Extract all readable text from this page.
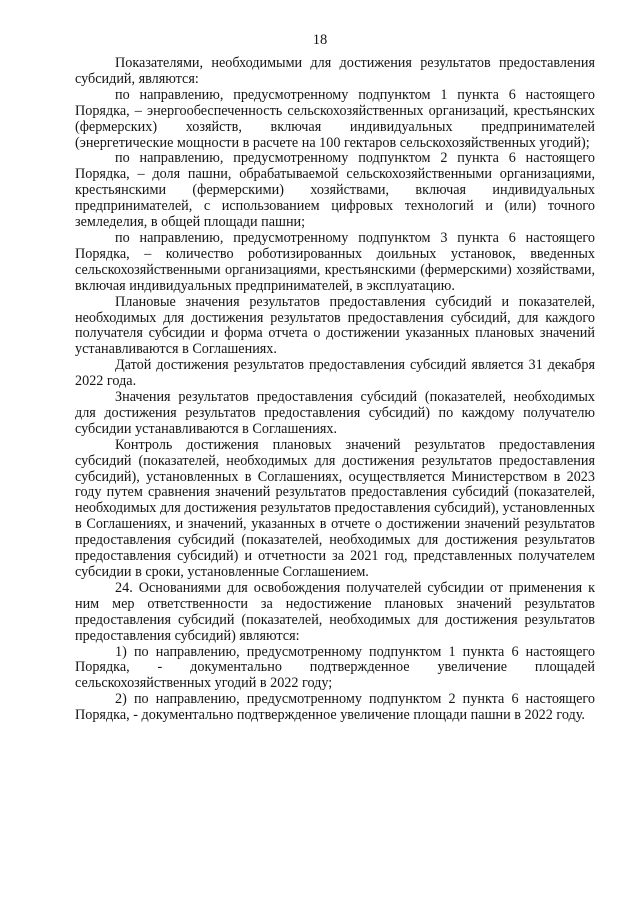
18

Показателями, необходимыми для достижения результатов предоставления субсидий, являются:

по направлению, предусмотренному подпунктом 1 пункта 6 настоящего Порядка, – энергообеспеченность сельскохозяйственных организаций, крестьянских (фермерских) хозяйств, включая индивидуальных предпринимателей (энергетические мощности в расчете на 100 гектаров сельскохозяйственных угодий);

по направлению, предусмотренному подпунктом 2 пункта 6 настоящего Порядка, – доля пашни, обрабатываемой сельскохозяйственными организациями, крестьянскими (фермерскими) хозяйствами, включая индивидуальных предпринимателей, с использованием цифровых технологий и (или) точного земледелия, в общей площади пашни;

по направлению, предусмотренному подпунктом 3 пункта 6 настоящего Порядка, – количество роботизированных доильных установок, введенных сельскохозяйственными организациями, крестьянскими (фермерскими) хозяйствами, включая индивидуальных предпринимателей, в эксплуатацию.

Плановые значения результатов предоставления субсидий и показателей, необходимых для достижения результатов предоставления субсидий, для каждого получателя субсидии и форма отчета о достижении указанных плановых значений устанавливаются в Соглашениях.

Датой достижения результатов предоставления субсидий является 31 декабря 2022 года.

Значения результатов предоставления субсидий (показателей, необходимых для достижения результатов предоставления субсидий) по каждому получателю субсидии устанавливаются в Соглашениях.

Контроль достижения плановых значений результатов предоставления субсидий (показателей, необходимых для достижения результатов предоставления субсидий), установленных в Соглашениях, осуществляется Министерством в 2023 году путем сравнения значений результатов предоставления субсидий (показателей, необходимых для достижения результатов предоставления субсидий), установленных в Соглашениях, и значений, указанных в отчете о достижении значений результатов предоставления субсидий (показателей, необходимых для достижения результатов предоставления субсидий) и отчетности за 2021 год, представленных получателем субсидии в сроки, установленные Соглашением.

24. Основаниями для освобождения получателей субсидии от применения к ним мер ответственности за недостижение плановых значений результатов предоставления субсидий (показателей, необходимых для достижения результатов предоставления субсидий) являются:

1) по направлению, предусмотренному подпунктом 1 пункта 6 настоящего Порядка, - документально подтвержденное увеличение площадей сельскохозяйственных угодий в 2022 году;

2) по направлению, предусмотренному подпунктом 2 пункта 6 настоящего Порядка, - документально подтвержденное увеличение площади пашни в 2022 году.
